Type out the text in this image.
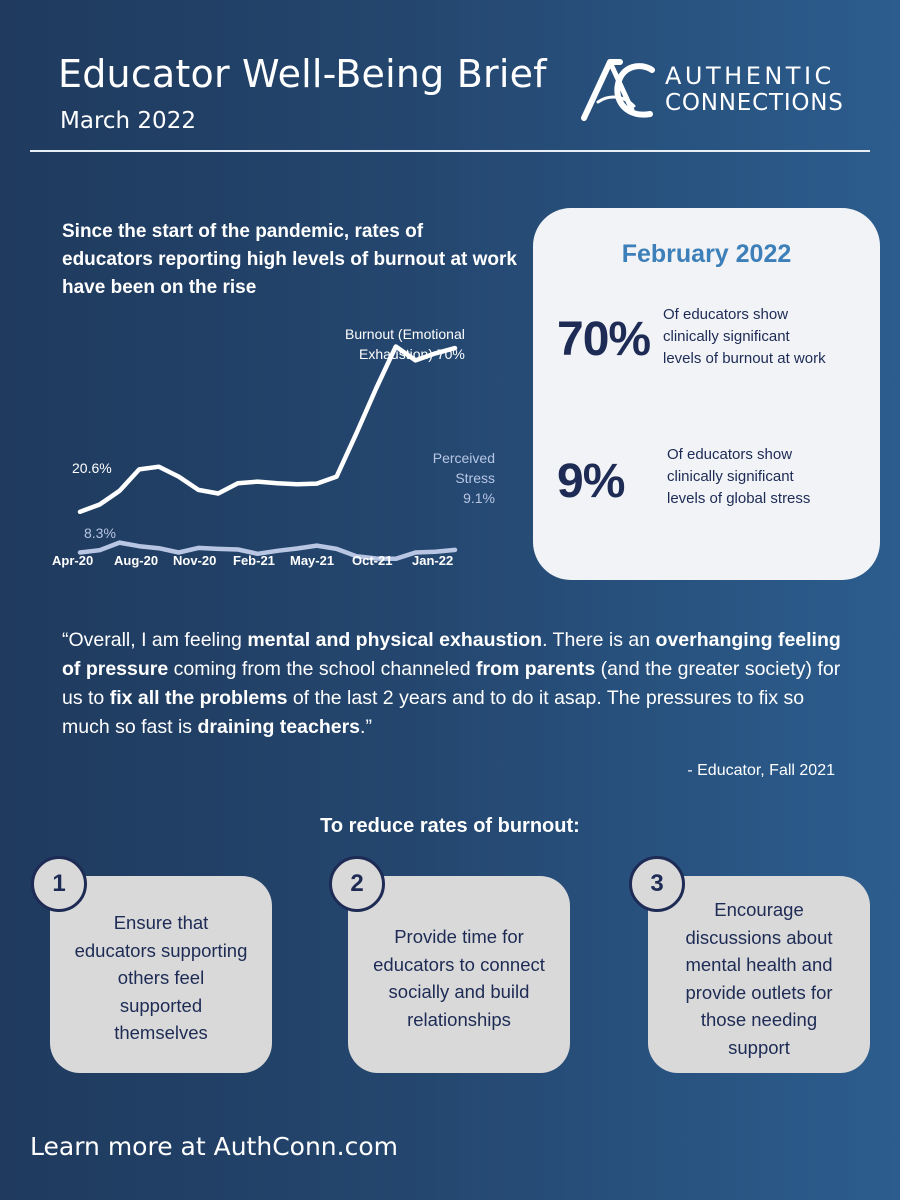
Educator Well-Being Brief
March 2022
AUTHENTIC
CONNECTIONS
Since the start of the pandemic, rates of educators reporting high levels of burnout at work have been on the rise
Burnout (Emotional
Exhaustion) 70%
20.6%
Perceived
Stress
9.1%
8.3%
Apr-20 Aug-20 Nov-20 Feb-21 May-21 Oct-21 Jan-22
February 2022
70% Of educators show
clinically significant
levels of burnout at work
9%
Of educators show
clinically significant
levels of global stress
“Overall, I am feeling mental and physical exhaustion. There is an overhanging feeling of pressure coming from the school channeled from parents (and the greater society) for us to fix all the problems of the last 2 years and to do it asap. The pressures to fix so much so fast is draining teachers.”
- Educator, Fall 2021
To reduce rates of burnout:
Ensure that
educators supporting
others feel
supported
themselves
1
Provide time for
educators to connect
socially and build
relationships
2
Encourage
discussions about
mental health and
provide outlets for
those needing
support
3
Learn more at AuthConn.com
